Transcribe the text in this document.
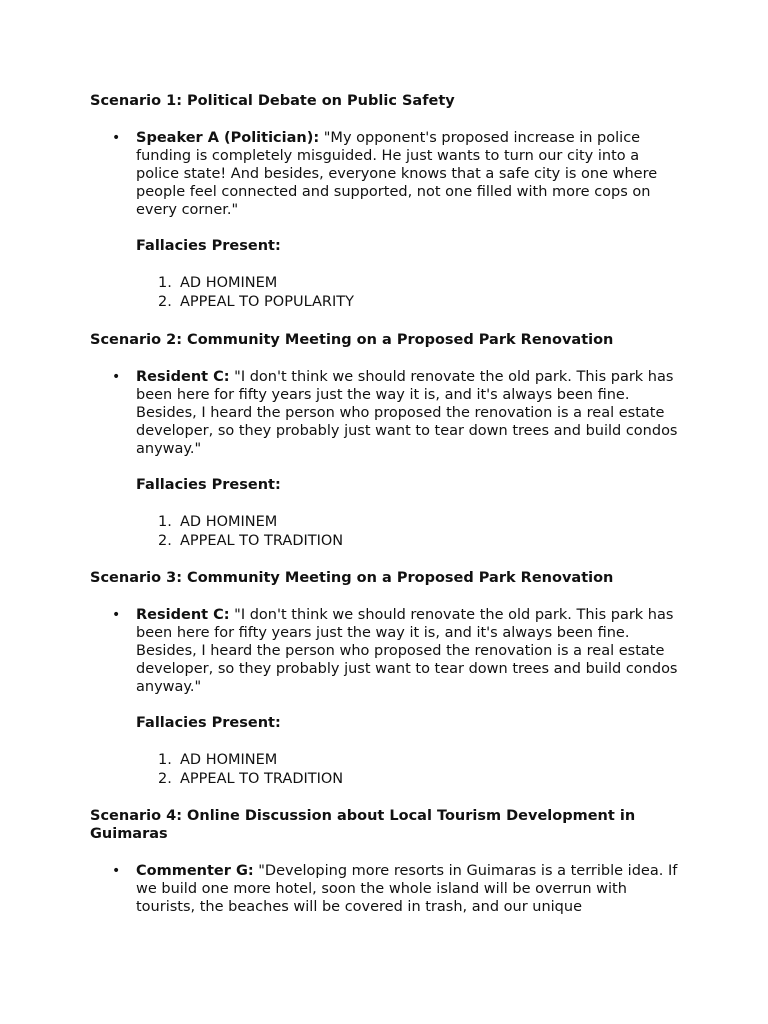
Scenario 1: Political Debate on Public Safety

• Speaker A (Politician): "My opponent's proposed increase in police funding is completely misguided. He just wants to turn our city into a police state! And besides, everyone knows that a safe city is one where people feel connected and supported, not one filled with more cops on every corner."

Fallacies Present:

1. AD HOMINEM

2. APPEAL TO POPULARITY

Scenario 2: Community Meeting on a Proposed Park Renovation

• Resident C: "I don't think we should renovate the old park. This park has been here for fifty years just the way it is, and it's always been fine. Besides, I heard the person who proposed the renovation is a real estate developer, so they probably just want to tear down trees and build condos anyway."

Fallacies Present:

1. AD HOMINEM

2. APPEAL TO TRADITION

Scenario 3: Community Meeting on a Proposed Park Renovation

• Resident C: "I don't think we should renovate the old park. This park has been here for fifty years just the way it is, and it's always been fine. Besides, I heard the person who proposed the renovation is a real estate developer, so they probably just want to tear down trees and build condos anyway."

Fallacies Present:

1. AD HOMINEM

2. APPEAL TO TRADITION

Scenario 4: Online Discussion about Local Tourism Development in Guimaras

• Commenter G: "Developing more resorts in Guimaras is a terrible idea. If we build one more hotel, soon the whole island will be overrun with tourists, the beaches will be covered in trash, and our unique
